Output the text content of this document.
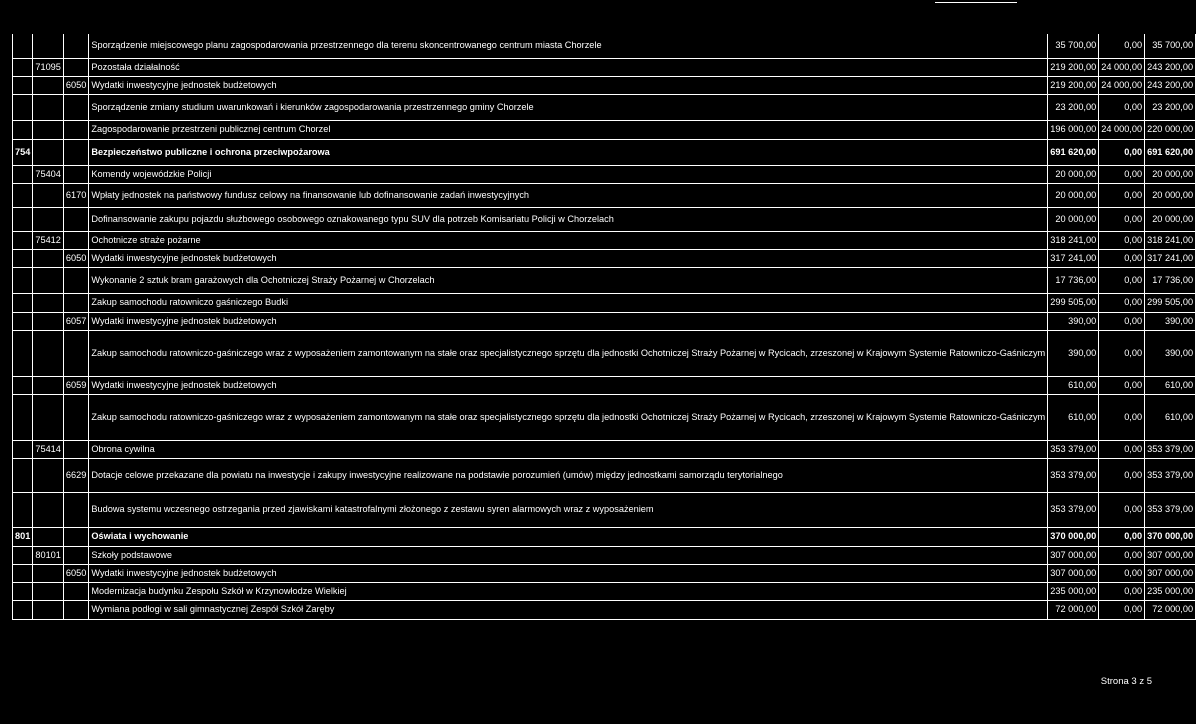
			Sporządzenie miejscowego planu zagospodarowania przestrzennego dla terenu skoncentrowanego centrum miasta Chorzele	35 700,00	0,00	35 700,00
	71095		Pozostała działalność	219 200,00	24 000,00	243 200,00
		6050	Wydatki inwestycyjne jednostek budżetowych	219 200,00	24 000,00	243 200,00
			Sporządzenie zmiany studium uwarunkowań i kierunków zagospodarowania przestrzennego gminy Chorzele	23 200,00	0,00	23 200,00
			Zagospodarowanie przestrzeni publicznej centrum Chorzel	196 000,00	24 000,00	220 000,00
754			Bezpieczeństwo publiczne i ochrona przeciwpożarowa	691 620,00	0,00	691 620,00
	75404		Komendy wojewódzkie Policji	20 000,00	0,00	20 000,00
		6170	Wpłaty jednostek na państwowy fundusz celowy na finansowanie lub dofinansowanie zadań inwestycyjnych	20 000,00	0,00	20 000,00
			Dofinansowanie zakupu pojazdu służbowego osobowego oznakowanego typu SUV dla potrzeb Komisariatu Policji w Chorzelach	20 000,00	0,00	20 000,00
	75412		Ochotnicze straże pożarne	318 241,00	0,00	318 241,00
		6050	Wydatki inwestycyjne jednostek budżetowych	317 241,00	0,00	317 241,00
			Wykonanie 2 sztuk bram garażowych dla Ochotniczej Straży Pożarnej w Chorzelach	17 736,00	0,00	17 736,00
			Zakup samochodu ratowniczo gaśniczego Budki	299 505,00	0,00	299 505,00
		6057	Wydatki inwestycyjne jednostek budżetowych	390,00	0,00	390,00
			Zakup samochodu ratowniczo-gaśniczego wraz z wyposażeniem zamontowanym na stałe oraz specjalistycznego sprzętu dla jednostki Ochotniczej Straży Pożarnej w Rycicach, zrzeszonej w Krajowym Systemie Ratowniczo-Gaśniczym	390,00	0,00	390,00
		6059	Wydatki inwestycyjne jednostek budżetowych	610,00	0,00	610,00
			Zakup samochodu ratowniczo-gaśniczego wraz z wyposażeniem zamontowanym na stałe oraz specjalistycznego sprzętu dla jednostki Ochotniczej Straży Pożarnej w Rycicach, zrzeszonej w Krajowym Systemie Ratowniczo-Gaśniczym	610,00	0,00	610,00
	75414		Obrona cywilna	353 379,00	0,00	353 379,00
		6629	Dotacje celowe przekazane dla powiatu na inwestycje i zakupy inwestycyjne realizowane na podstawie porozumień (umów) między jednostkami samorządu terytorialnego	353 379,00	0,00	353 379,00
			Budowa systemu wczesnego ostrzegania przed zjawiskami katastrofalnymi złożonego z zestawu syren alarmowych wraz z wyposażeniem	353 379,00	0,00	353 379,00
801			Oświata i wychowanie	370 000,00	0,00	370 000,00
	80101		Szkoły podstawowe	307 000,00	0,00	307 000,00
		6050	Wydatki inwestycyjne jednostek budżetowych	307 000,00	0,00	307 000,00
			Modernizacja budynku Zespołu Szkół w Krzynowłodze Wielkiej	235 000,00	0,00	235 000,00
			Wymiana podłogi w sali gimnastycznej Zespół Szkół Zaręby	72 000,00	0,00	72 000,00
Strona 3 z 5
